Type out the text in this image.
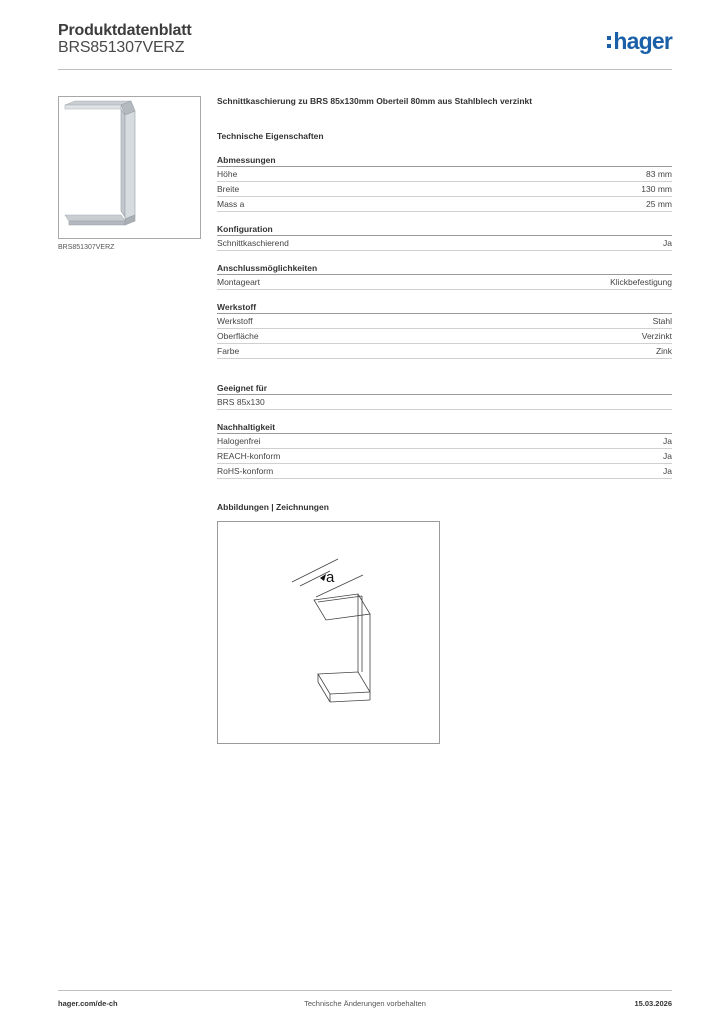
Produktdatenblatt
BRS851307VERZ	hager
BRS851307VERZ
Schnittkaschierung zu BRS 85x130mm Oberteil 80mm aus Stahlblech verzinkt
Technische Eigenschaften
Abmessungen
Höhe	83 mm
Breite	130 mm
Mass a	25 mm
Konfiguration
Schnittkaschierend	Ja
Anschlussmöglichkeiten
Montageart	Klickbefestigung
Werkstoff
Werkstoff	Stahl
Oberfläche	Verzinkt
Farbe	Zink
Geeignet für
BRS 85x130
Nachhaltigkeit
Halogenfrei	Ja
REACH-konform	Ja
RoHS-konform	Ja
Abbildungen | Zeichnungen
a
hager.com/de-ch	Technische Änderungen vorbehalten	15.03.2026
